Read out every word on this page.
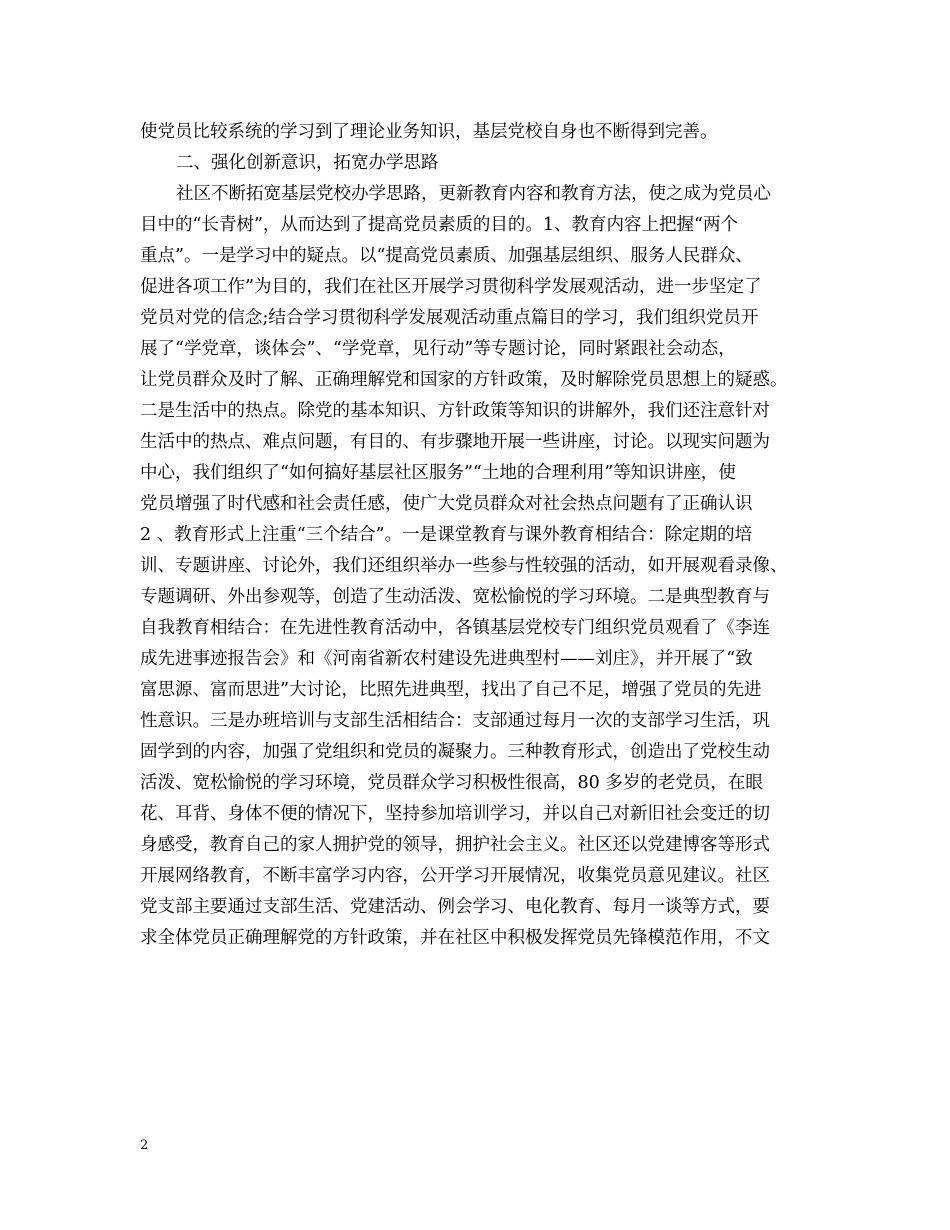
使党员比较系统的学习到了理论业务知识，基层党校自身也不断得到完善。
二、强化创新意识，拓宽办学思路
社区不断拓宽基层党校办学思路，更新教育内容和教育方法，使之成为党员心
目中的“长青树”，从而达到了提高党员素质的目的。1、教育内容上把握“两个
重点”。一是学习中的疑点。以“提高党员素质、加强基层组织、服务人民群众、
促进各项工作”为目的，我们在社区开展学习贯彻科学发展观活动，进一步坚定了
党员对党的信念;结合学习贯彻科学发展观活动重点篇目的学习，我们组织党员开
展了“学党章，谈体会”、“学党章，见行动”等专题讨论，同时紧跟社会动态，
让党员群众及时了解、正确理解党和国家的方针政策，及时解除党员思想上的疑惑。
二是生活中的热点。除党的基本知识、方针政策等知识的讲解外，我们还注意针对
生活中的热点、难点问题，有目的、有步骤地开展一些讲座，讨论。以现实问题为
中心，我们组织了“如何搞好基层社区服务”“土地的合理利用”等知识讲座，使
党员增强了时代感和社会责任感，使广大党员群众对社会热点问题有了正确认识
2 、教育形式上注重“三个结合”。一是课堂教育与课外教育相结合：除定期的培
训、专题讲座、讨论外，我们还组织举办一些参与性较强的活动，如开展观看录像、
专题调研、外出参观等，创造了生动活泼、宽松愉悦的学习环境。二是典型教育与
自我教育相结合：在先进性教育活动中，各镇基层党校专门组织党员观看了《李连
成先进事迹报告会》和《河南省新农村建设先进典型村——刘庄》，并开展了“致
富思源、富而思进”大讨论，比照先进典型，找出了自己不足，增强了党员的先进
性意识。三是办班培训与支部生活相结合：支部通过每月一次的支部学习生活，巩
固学到的内容，加强了党组织和党员的凝聚力。三种教育形式，创造出了党校生动
活泼、宽松愉悦的学习环境，党员群众学习积极性很高，80 多岁的老党员，在眼
花、耳背、身体不便的情况下，坚持参加培训学习，并以自己对新旧社会变迁的切
身感受，教育自己的家人拥护党的领导，拥护社会主义。社区还以党建博客等形式
开展网络教育，不断丰富学习内容，公开学习开展情况，收集党员意见建议。社区
党支部主要通过支部生活、党建活动、例会学习、电化教育、每月一谈等方式，要
求全体党员正确理解党的方针政策，并在社区中积极发挥党员先锋模范作用，不文
2
